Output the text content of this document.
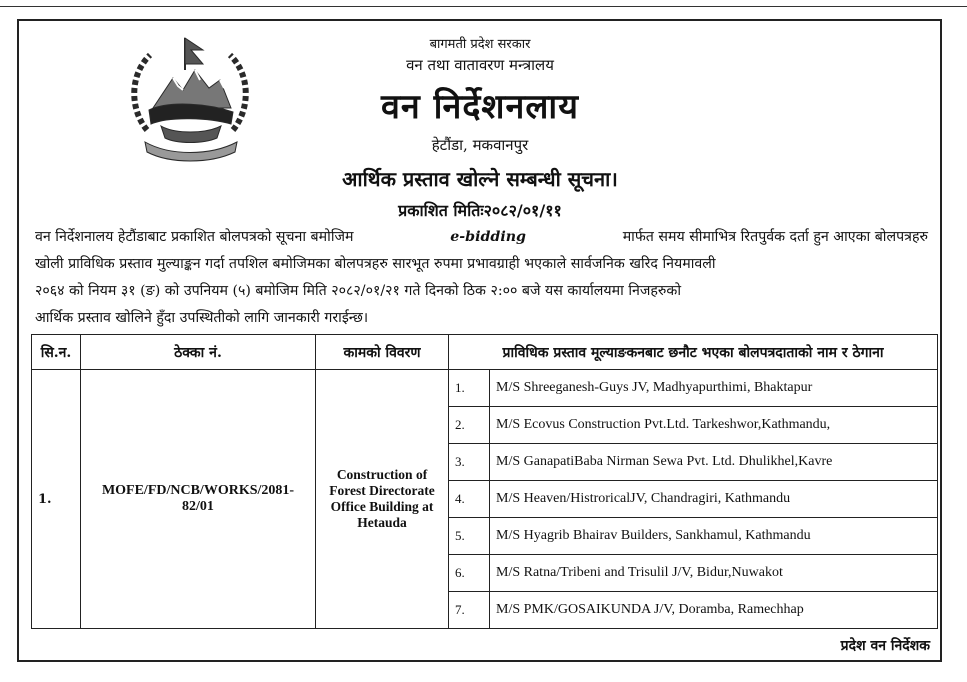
बागमती प्रदेश सरकार
वन तथा वातावरण मन्त्रालय
वन निर्देशनलाय
हेटौंडा, मकवानपुर
आर्थिक प्रस्ताव खोल्ने सम्बन्धी सूचना।
प्रकाशित मितिः२०८२/०१/११
वन निर्देशनालय हेटौंडाबाट प्रकाशित बोलपत्रको सूचना बमोजिम	e-bidding	मार्फत समय सीमाभित्र रितपुर्वक दर्ता हुन आएका बोलपत्रहरु
खोली प्राविधिक प्रस्ताव मुल्याङ्कन गर्दा तपशिल बमोजिमका बोलपत्रहरु सारभूत रुपमा प्रभावग्राही भएकाले सार्वजनिक खरिद नियमावली
२०६४ को नियम ३१ (ङ) को उपनियम (५) बमोजिम मिति २०८२/०१/२१ गते दिनको ठिक २:०० बजे यस कार्यालयमा निजहरुको
आर्थिक प्रस्ताव खोलिने हुँदा उपस्थितीको लागि जानकारी गराईन्छ।
सि.न.	ठेक्का नं.	कामको विवरण	प्राविधिक प्रस्ताव मूल्याङकनबाट छनौट भएका बोलपत्रदाताको नाम र ठेगाना	
1.	MOFE/FD/NCB/WORKS/2081-82/01	Construction of Forest Directorate Office Building at Hetauda	1.	M/S Shreeganesh-Guys JV, Madhyapurthimi, Bhaktapur
			2.	M/S Ecovus Construction Pvt.Ltd. Tarkeshwor,Kathmandu,
			3.	M/S GanapatiBaba Nirman Sewa Pvt. Ltd. Dhulikhel,Kavre
			4.	M/S Heaven/HistroricalJV, Chandragiri, Kathmandu
			5.	M/S Hyagrib Bhairav Builders, Sankhamul, Kathmandu
			6.	M/S Ratna/Tribeni and Trisulil J/V, Bidur,Nuwakot
			7.	M/S PMK/GOSAIKUNDA J/V, Doramba, Ramechhap
प्रदेश वन निर्देशक
